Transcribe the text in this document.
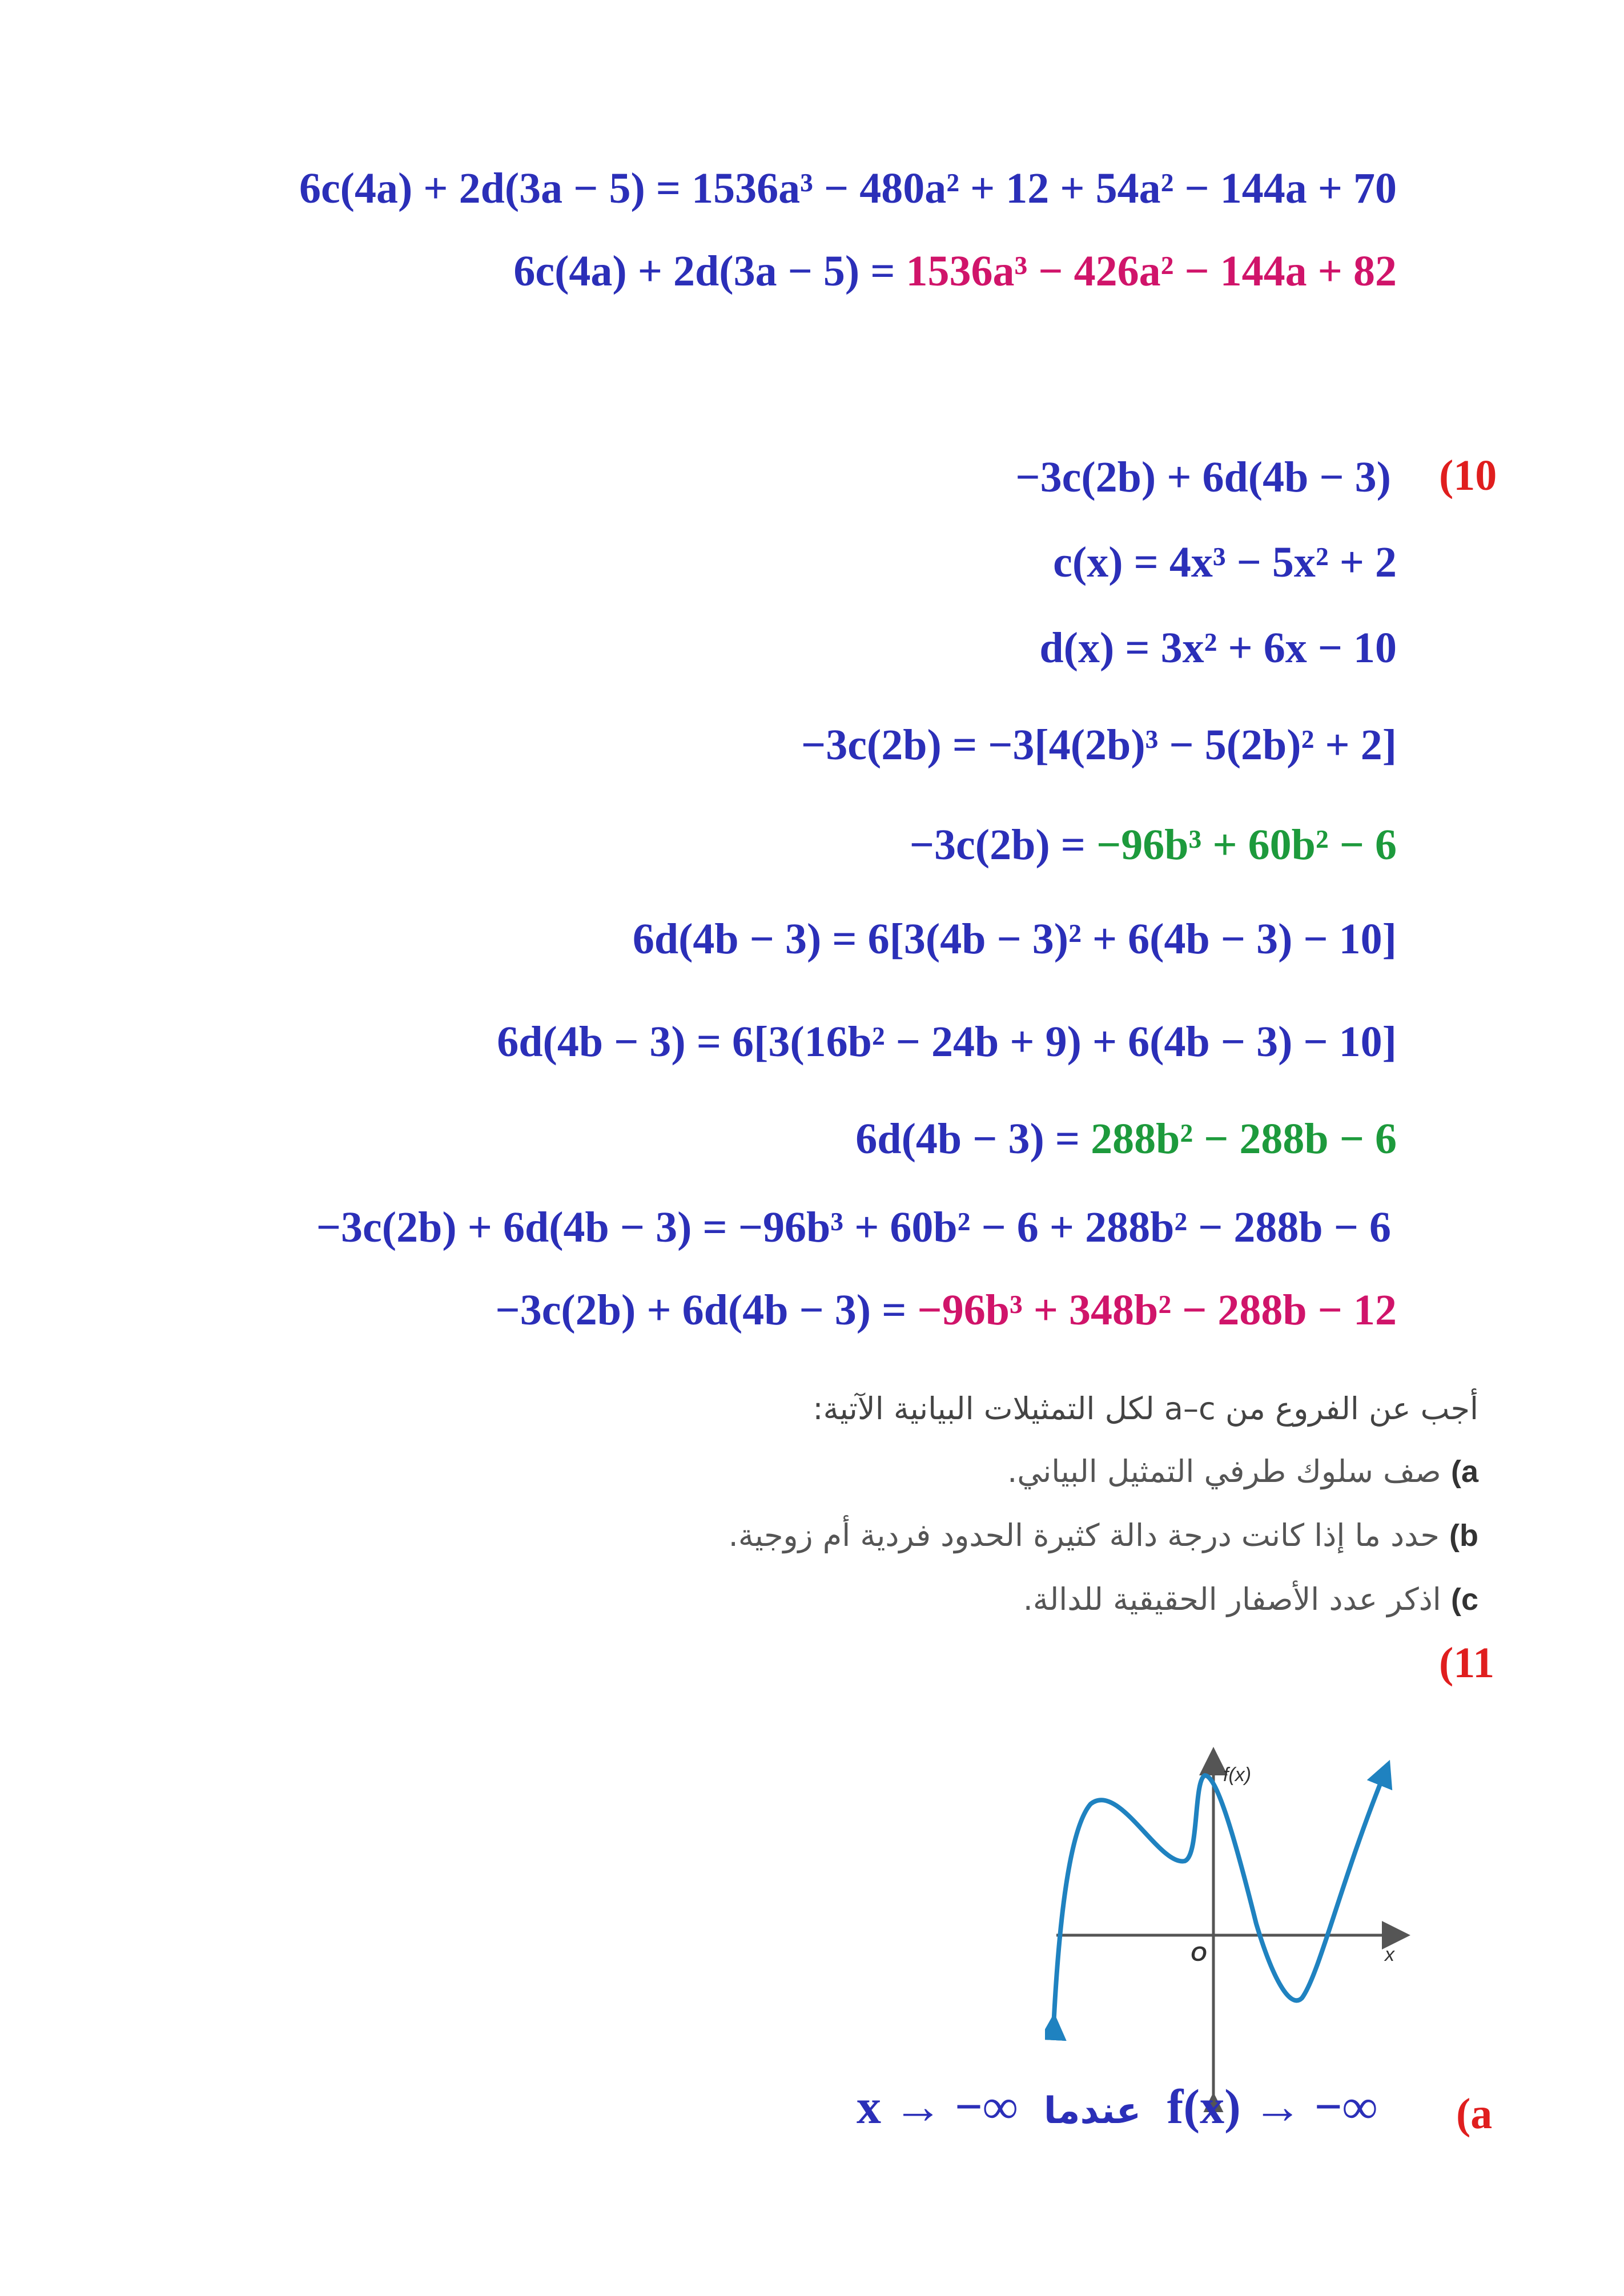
6c(4a) + 2d(3a − 5) = 1536a³ − 480a² + 12 + 54a² − 144a + 70
6c(4a) + 2d(3a − 5) = 1536a³ − 426a² − 144a + 82
(10
−3c(2b) + 6d(4b − 3)
c(x) = 4x³ − 5x² + 2
d(x) = 3x² + 6x − 10
−3c(2b) = −3[4(2b)³ − 5(2b)² + 2]
−3c(2b) = −96b³ + 60b² − 6
6d(4b − 3) = 6[3(4b − 3)² + 6(4b − 3) − 10]
6d(4b − 3) = 6[3(16b² − 24b + 9) + 6(4b − 3) − 10]
6d(4b − 3) = 288b² − 288b − 6
−3c(2b) + 6d(4b − 3) = −96b³ + 60b² − 6 + 288b² − 288b − 6
−3c(2b) + 6d(4b − 3) = −96b³ + 348b² − 288b − 12
أجب عن الفروع من a–c لكل التمثيلات البيانية الآتية:
a) صف سلوك طرفي التمثيل البياني.
b) حدد ما إذا كانت درجة دالة كثيرة الحدود فردية أم زوجية.
c) اذكر عدد الأصفار الحقيقية للدالة.
(11
f(x)
x
O
x → −∞ عندما f(x) → −∞ (a
